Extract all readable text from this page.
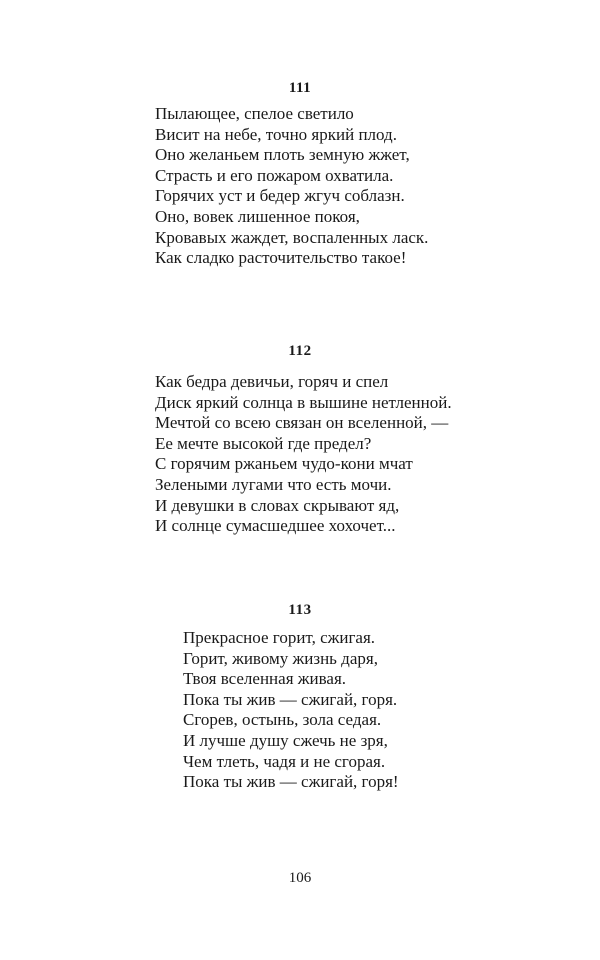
111
Пылающее, спелое светило
Висит на небе, точно яркий плод.
Оно желаньем плоть земную жжет,
Страсть и его пожаром охватила.
Горячих уст и бедер жгуч соблазн.
Оно, вовек лишенное покоя,
Кровавых жаждет, воспаленных ласк.
Как сладко расточительство такое!
112
Как бедра девичьи, горяч и спел
Диск яркий солнца в вышине нетленной.
Мечтой со всею связан он вселенной, —
Ее мечте высокой где предел?
С горячим ржаньем чудо-кони мчат
Зелеными лугами что есть мочи.
И девушки в словах скрывают яд,
И солнце сумасшедшее хохочет...
113
Прекрасное горит, сжигая.
Горит, живому жизнь даря,
Твоя вселенная живая.
Пока ты жив — сжигай, горя.
Сгорев, остынь, зола седая.
И лучше душу сжечь не зря,
Чем тлеть, чадя и не сгорая.
Пока ты жив — сжигай, горя!
106
